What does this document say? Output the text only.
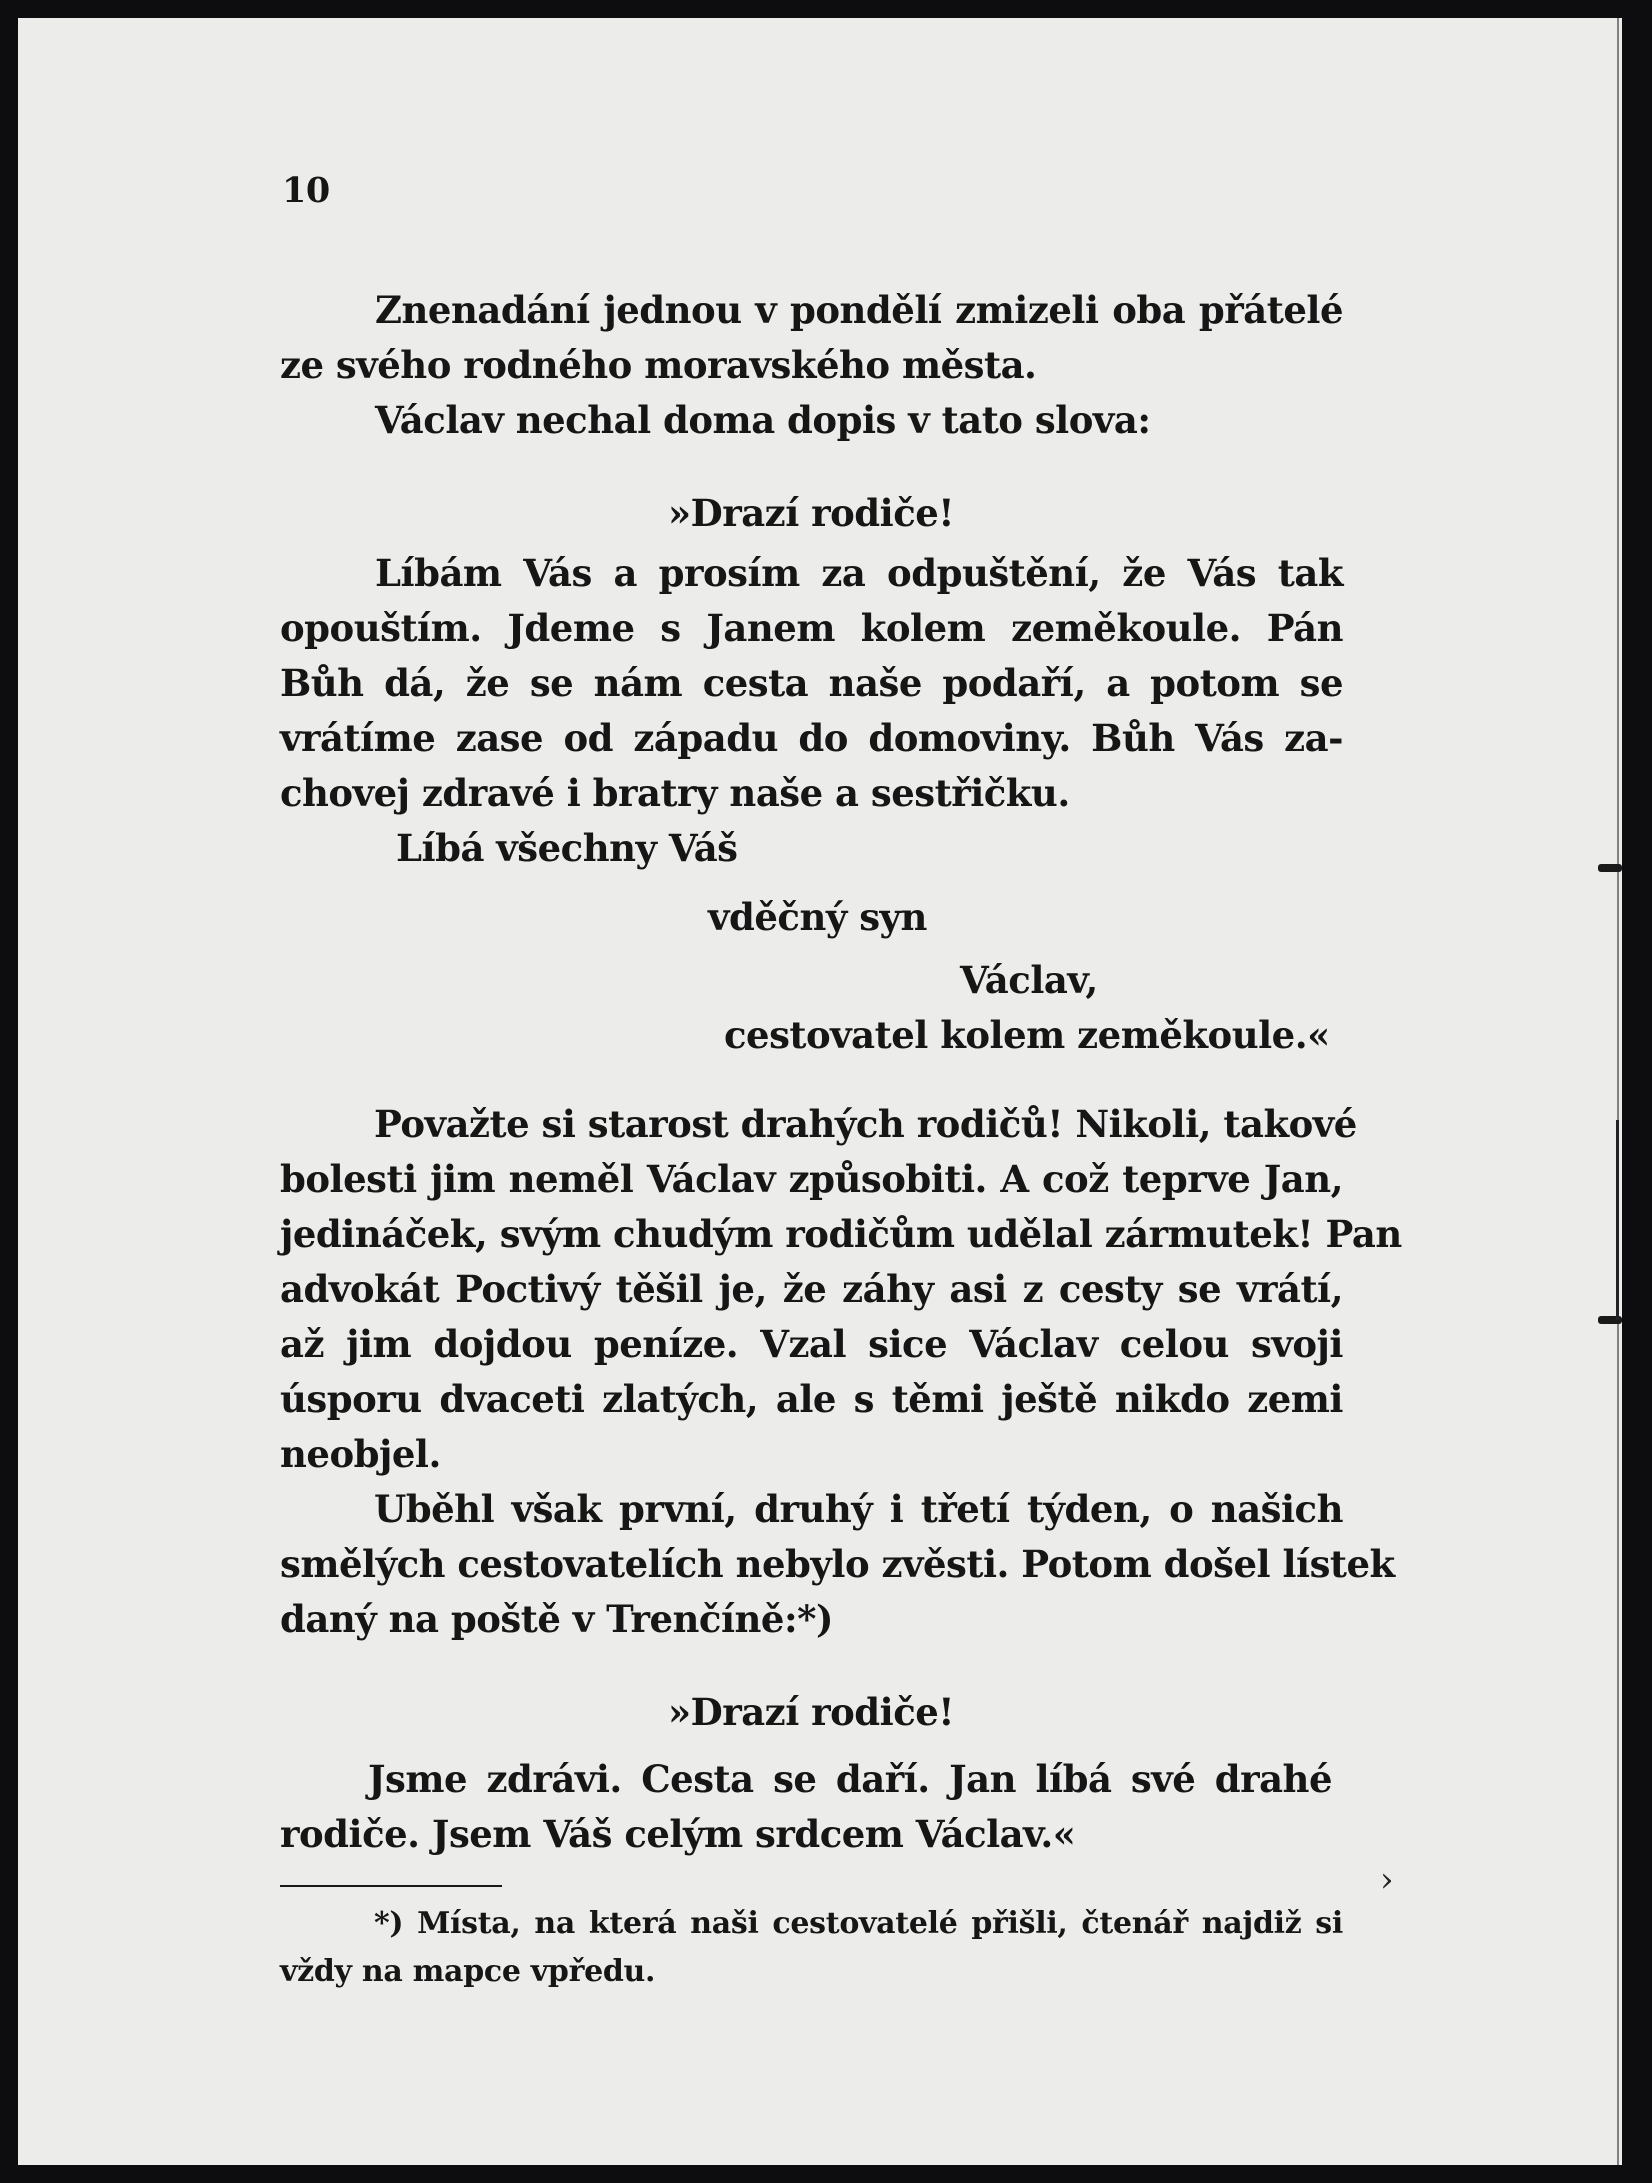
10

Znenadání jednou v pondělí zmizeli oba přátelé

ze svého rodného moravského města.

Václav nechal doma dopis v tato slova:

»Drazí rodiče!

Líbám Vás a prosím za odpuštění, že Vás tak

opouštím. Jdeme s Janem kolem zeměkoule. Pán

Bůh dá, že se nám cesta naše podaří, a potom se

vrátíme zase od západu do domoviny. Bůh Vás za-

chovej zdravé i bratry naše a sestřičku.

Líbá všechny Váš

vděčný syn

Václav,

cestovatel kolem zeměkoule.«

Považte si starost drahých rodičů! Nikoli, takové

bolesti jim neměl Václav způsobiti. A což teprve Jan,

jedináček, svým chudým rodičům udělal zármutek! Pan

advokát Poctivý těšil je, že záhy asi z cesty se vrátí,

až jim dojdou peníze. Vzal sice Václav celou svoji

úsporu dvaceti zlatých, ale s těmi ještě nikdo zemi

neobjel.

Uběhl však první, druhý i třetí týden, o našich

smělých cestovatelích nebylo zvěsti. Potom došel lístek

daný na poště v Trenčíně:*)

»Drazí rodiče!

Jsme zdrávi. Cesta se daří. Jan líbá své drahé

rodiče. Jsem Váš celým srdcem Václav.«

*) Místa, na která naši cestovatelé přišli, čtenář najdiž si

vždy na mapce vpředu.

›
